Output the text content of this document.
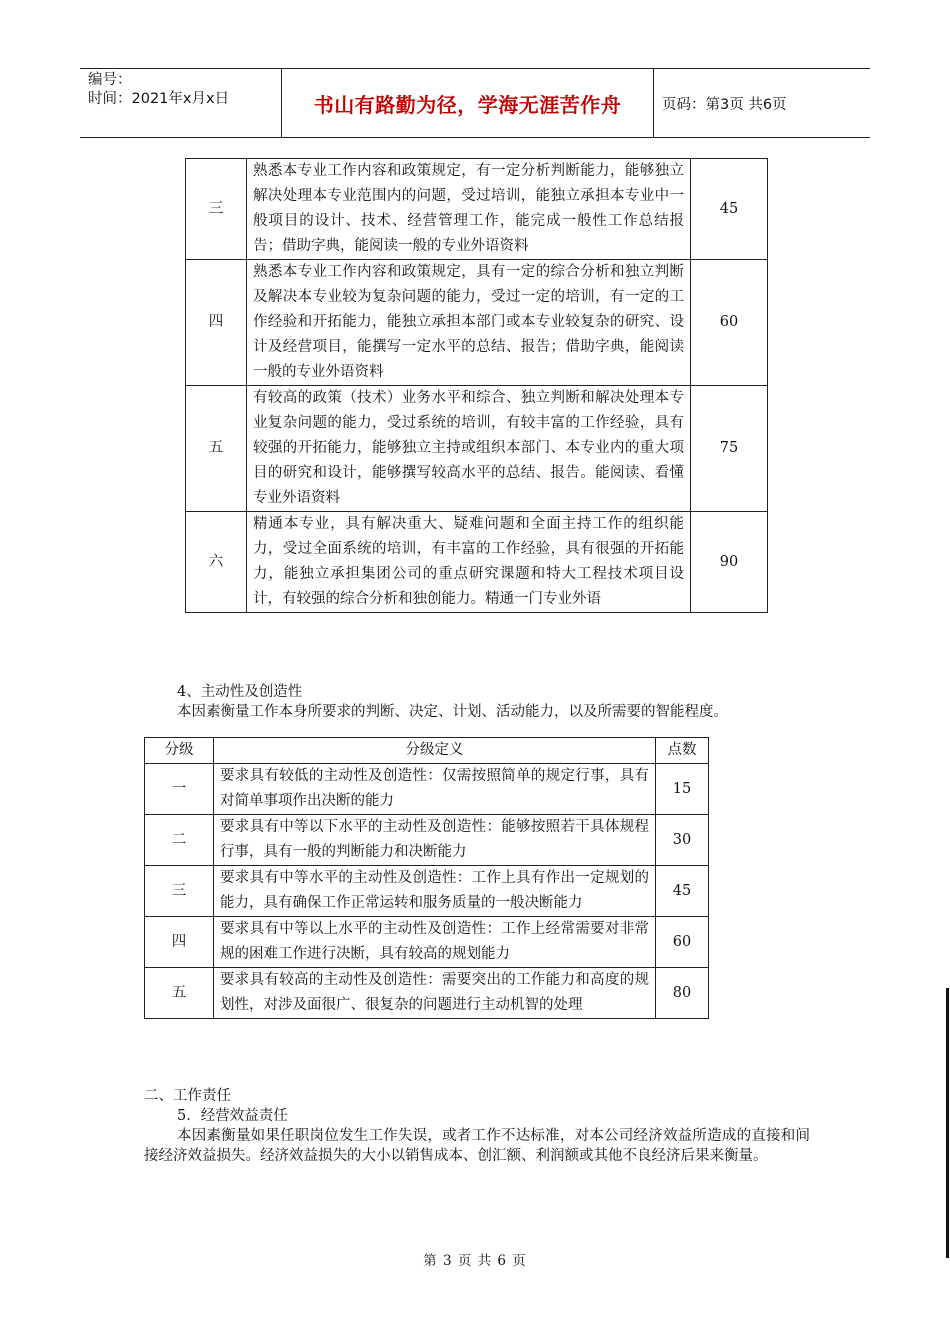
编号：
时间：2021年x月x日	书山有路勤为径，学海无涯苦作舟	页码：第3页 共6页
三	熟悉本专业工作内容和政策规定，有一定分析判断能力，能够独立解决处理本专业范围内的问题，受过培训，能独立承担本专业中一般项目的设计、技术、经营管理工作，能完成一般性工作总结报告；借助字典，能阅读一般的专业外语资料	45
四	熟悉本专业工作内容和政策规定，具有一定的综合分析和独立判断及解决本专业较为复杂问题的能力，受过一定的培训，有一定的工作经验和开拓能力，能独立承担本部门或本专业较复杂的研究、设计及经营项目，能撰写一定水平的总结、报告；借助字典，能阅读一般的专业外语资料	60
五	有较高的政策（技术）业务水平和综合、独立判断和解决处理本专业复杂问题的能力，受过系统的培训，有较丰富的工作经验，具有较强的开拓能力，能够独立主持或组织本部门、本专业内的重大项目的研究和设计，能够撰写较高水平的总结、报告。能阅读、看懂专业外语资料	75
六	精通本专业，具有解决重大、疑难问题和全面主持工作的组织能力，受过全面系统的培训，有丰富的工作经验，具有很强的开拓能力，能独立承担集团公司的重点研究课题和特大工程技术项目设计，有较强的综合分析和独创能力。精通一门专业外语	90
4、主动性及创造性
本因素衡量工作本身所要求的判断、决定、计划、活动能力，以及所需要的智能程度。
分级	分级定义	点数
一	要求具有较低的主动性及创造性：仅需按照简单的规定行事，具有对简单事项作出决断的能力	15
二	要求具有中等以下水平的主动性及创造性：能够按照若干具体规程行事，具有一般的判断能力和决断能力	30
三	要求具有中等水平的主动性及创造性：工作上具有作出一定规划的能力，具有确保工作正常运转和服务质量的一般决断能力	45
四	要求具有中等以上水平的主动性及创造性：工作上经常需要对非常规的困难工作进行决断，具有较高的规划能力	60
五	要求具有较高的主动性及创造性：需要突出的工作能力和高度的规划性，对涉及面很广、很复杂的问题进行主动机智的处理	80
二、工作责任
5．经营效益责任
本因素衡量如果任职岗位发生工作失误，或者工作不达标准，对本公司经济效益所造成的直接和间接经济效益损失。经济效益损失的大小以销售成本、创汇额、利润额或其他不良经济后果来衡量。
第 3 页 共 6 页
